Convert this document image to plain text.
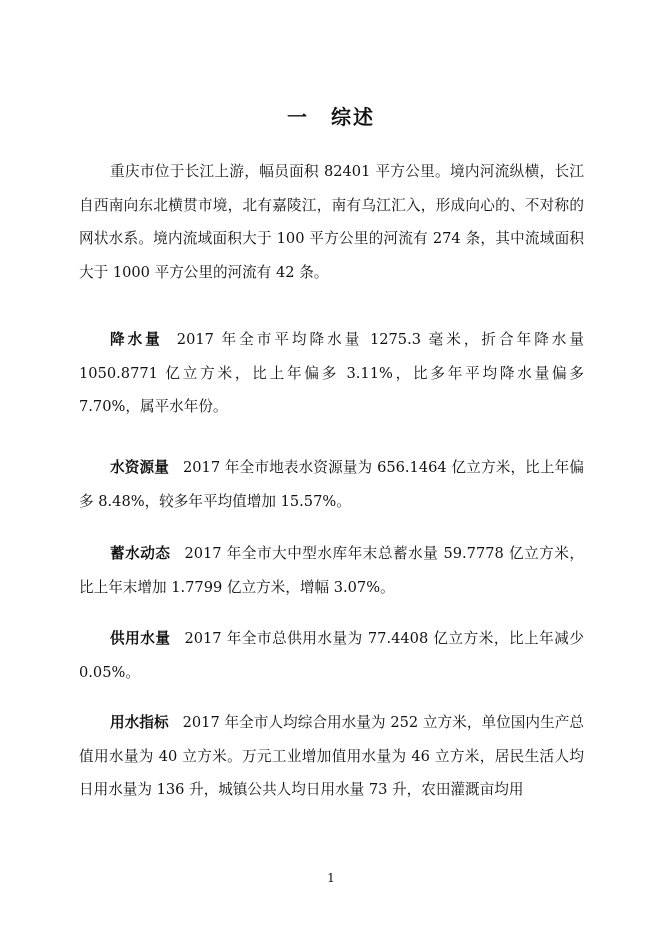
一 综述

重庆市位于长江上游，幅员面积 82401 平方公里。境内河流纵横，长江自西南向东北横贯市境，北有嘉陵江，南有乌江汇入，形成向心的、不对称的网状水系。境内流域面积大于 100 平方公里的河流有 274 条，其中流域面积大于 1000 平方公里的河流有 42 条。

降水量 2017 年全市平均降水量 1275.3 毫米，折合年降水量 1050.8771 亿立方米，比上年偏多 3.11%，比多年平均降水量偏多 7.70%，属平水年份。

水资源量 2017 年全市地表水资源量为 656.1464 亿立方米，比上年偏多 8.48%，较多年平均值增加 15.57%。

蓄水动态 2017 年全市大中型水库年末总蓄水量 59.7778 亿立方米，比上年末增加 1.7799 亿立方米，增幅 3.07%。

供用水量 2017 年全市总供用水量为 77.4408 亿立方米，比上年减少 0.05%。

用水指标 2017 年全市人均综合用水量为 252 立方米，单位国内生产总值用水量为 40 立方米。万元工业增加值用水量为 46 立方米，居民生活人均日用水量为 136 升，城镇公共人均日用水量 73 升，农田灌溉亩均用

1
